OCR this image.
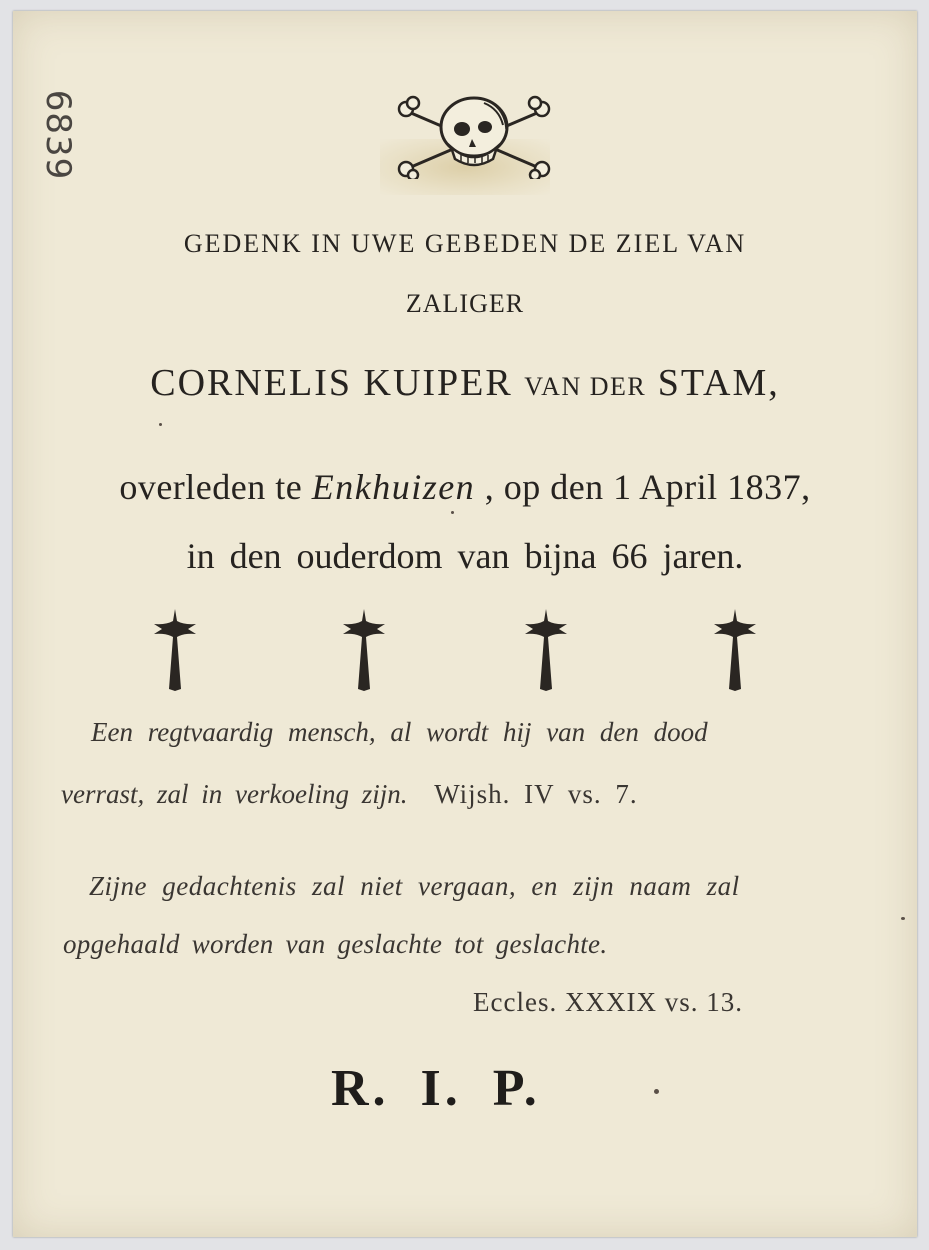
6839
GEDENK IN UWE GEBEDEN DE ZIEL VAN
ZALIGER
CORNELIS KUIPER VAN DER STAM,
overleden te Enkhuizen , op den 1 April 1837,
in den ouderdom van bijna 66 jaren.
Een regtvaardig mensch, al wordt hij van den dood
verrast, zal in verkoeling zijn. Wijsh. IV vs. 7.
Zijne gedachtenis zal niet vergaan, en zijn naam zal
opgehaald worden van geslachte tot geslachte.
Eccles. XXXIX vs. 13.
R. I. P.
